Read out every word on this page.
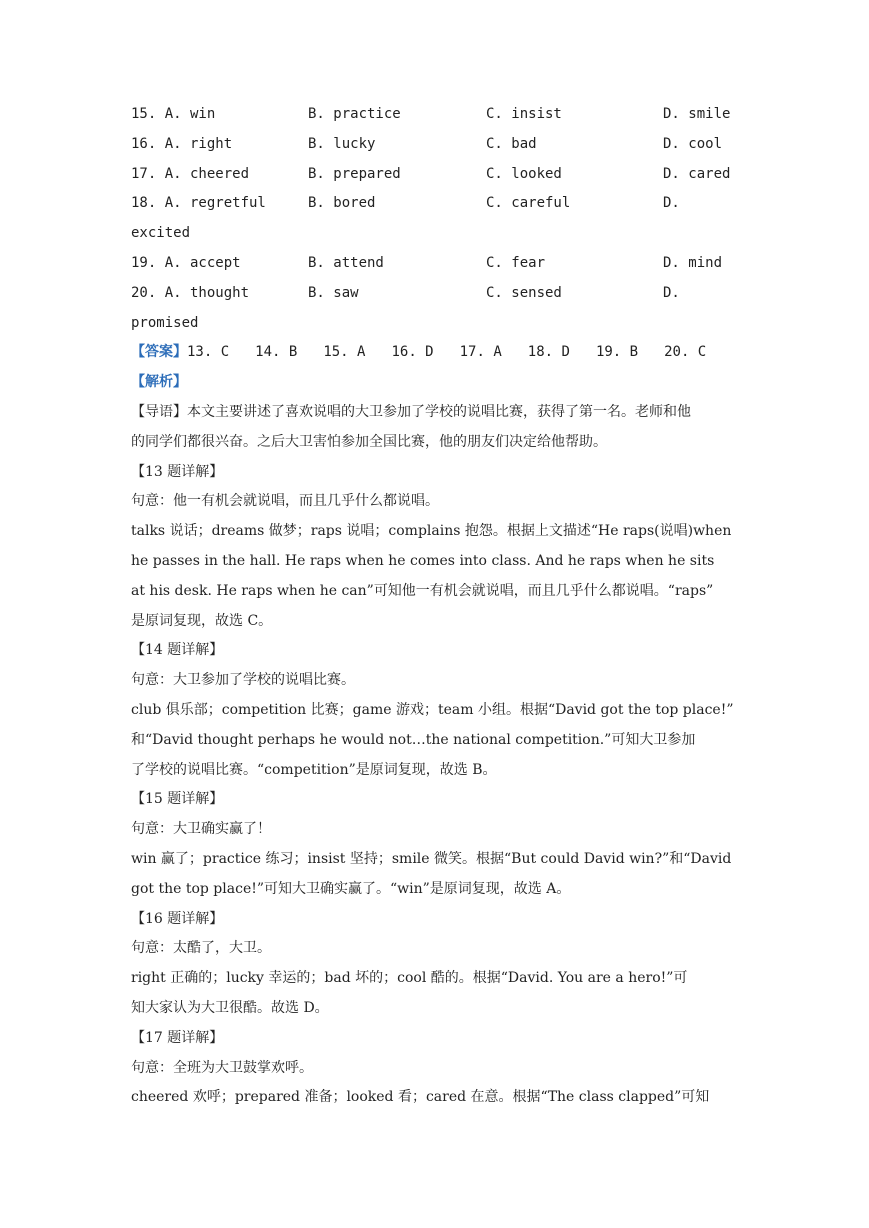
15. A. win	B. practice	C. insist	D. smile
16. A. right	B. lucky	C. bad	D. cool
17. A. cheered	B. prepared	C. looked	D. cared
18. A. regretful	B. bored	C. careful	D.
excited
19. A. accept	B. attend	C. fear	D. mind
20. A. thought	B. saw	C. sensed	D.
promised
【答案】13. C 14. B 15. A 16. D 17. A 18. D 19. B 20. C
【解析】
【导语】本文主要讲述了喜欢说唱的大卫参加了学校的说唱比赛，获得了第一名。老师和他
的同学们都很兴奋。之后大卫害怕参加全国比赛，他的朋友们决定给他帮助。
【13 题详解】
句意：他一有机会就说唱，而且几乎什么都说唱。
talks 说话；dreams 做梦；raps 说唱；complains 抱怨。根据上文描述“He raps(说唱)when
he passes in the hall. He raps when he comes into class. And he raps when he sits
at his desk. He raps when he can”可知他一有机会就说唱，而且几乎什么都说唱。“raps”
是原词复现，故选 C。
【14 题详解】
句意：大卫参加了学校的说唱比赛。
club 俱乐部；competition 比赛；game 游戏；team 小组。根据“David got the top place!”
和“David thought perhaps he would not…the national competition.”可知大卫参加
了学校的说唱比赛。“competition”是原词复现，故选 B。
【15 题详解】
句意：大卫确实赢了！
win 赢了；practice 练习；insist 坚持；smile 微笑。根据“But could David win?”和“David
got the top place!”可知大卫确实赢了。“win”是原词复现，故选 A。
【16 题详解】
句意：太酷了，大卫。
right 正确的；lucky 幸运的；bad 坏的；cool 酷的。根据“David. You are a hero!”可
知大家认为大卫很酷。故选 D。
【17 题详解】
句意：全班为大卫鼓掌欢呼。
cheered 欢呼；prepared 准备；looked 看；cared 在意。根据“The class clapped”可知
